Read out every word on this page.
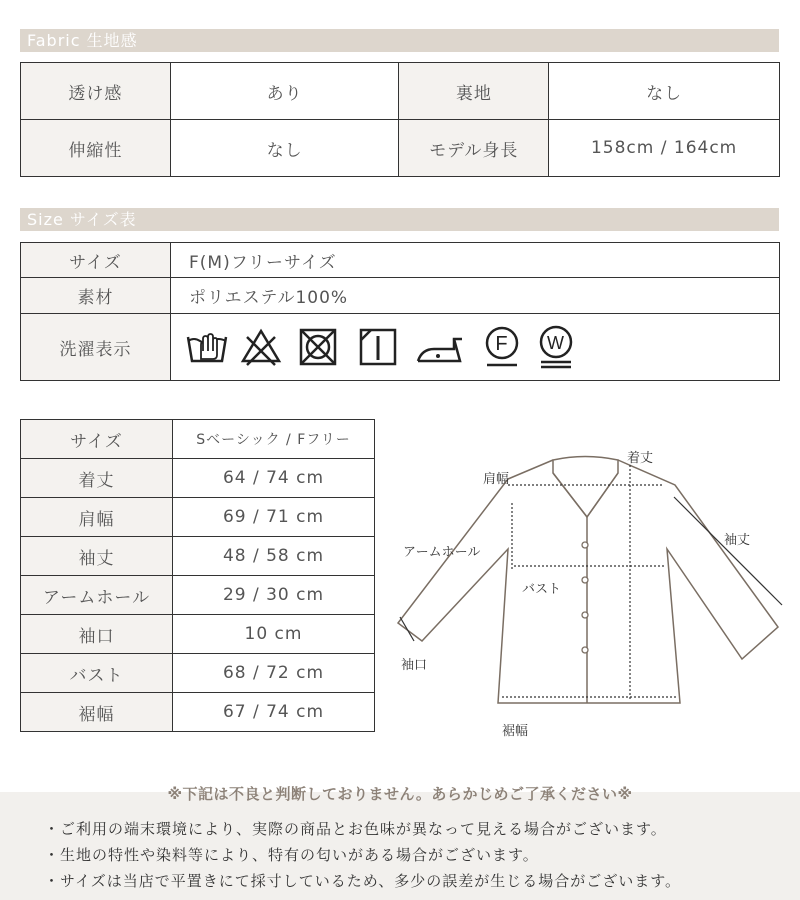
Fabric 生地感
透け感	あり	裏地	なし
伸縮性	なし	モデル身長	158cm / 164cm
Size サイズ表
サイズ	F(M)フリーサイズ
素材	ポリエステル100%
洗濯表示	F W
サイズ	Sベーシック / Fフリー
着丈	64 / 74 cm
肩幅	69 / 71 cm
袖丈	48 / 58 cm
アームホール	29 / 30 cm
袖口	10 cm
バスト	68 / 72 cm
裾幅	67 / 74 cm
着丈
肩幅
袖丈
アームホール
バスト
袖口
裾幅
※下記は不良と判断しておりません。あらかじめご了承ください※
・ご利用の端末環境により、実際の商品とお色味が異なって見える場合がございます。
・生地の特性や染料等により、特有の匂いがある場合がございます。
・サイズは当店で平置きにて採寸しているため、多少の誤差が生じる場合がございます。
